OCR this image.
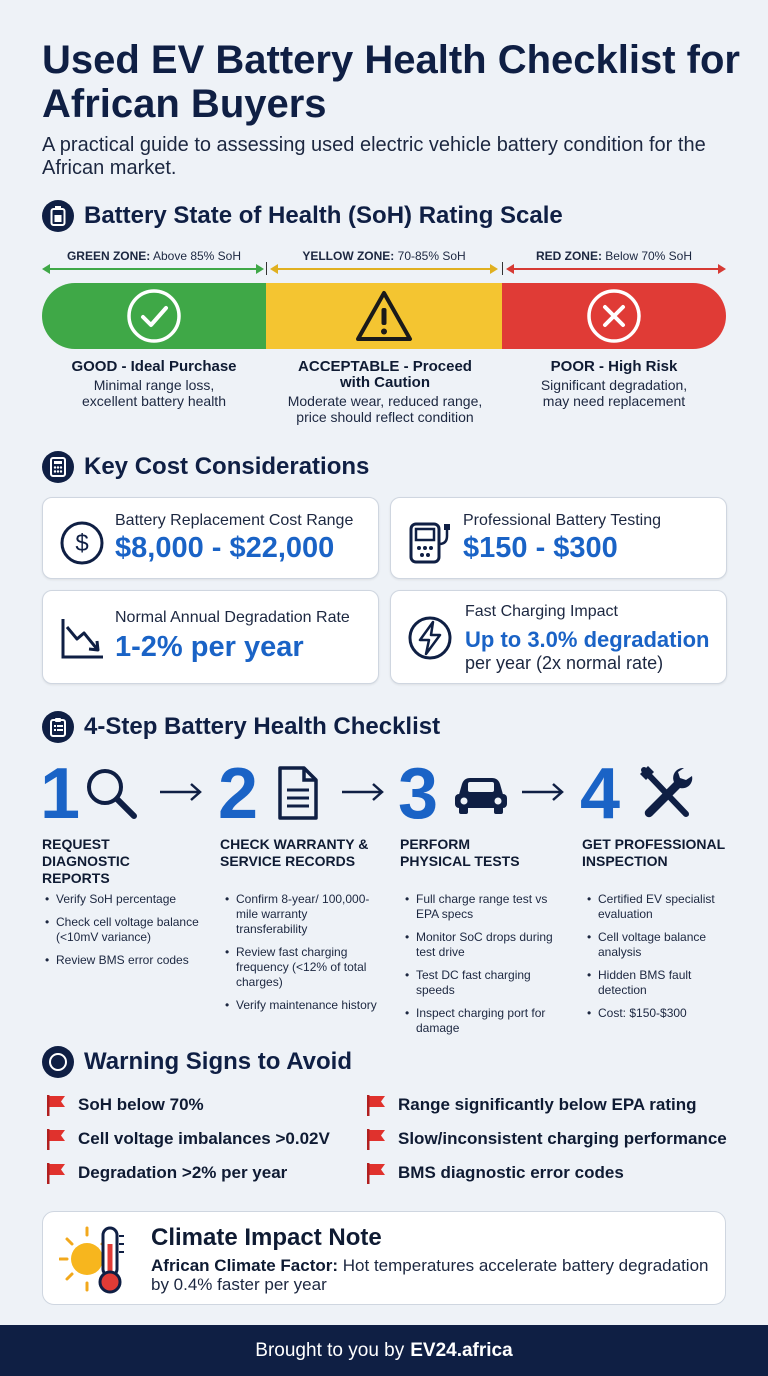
Used EV Battery Health Checklist for African Buyers

A practical guide to assessing used electric vehicle battery condition for the African market.

Battery State of Health (SoH) Rating Scale
GREEN ZONE: Above 85% SoH	YELLOW ZONE: 70-85% SoH	RED ZONE: Below 70% SoH
GOOD - Ideal Purchase
Minimal range loss, excellent battery health
ACCEPTABLE - Proceed with Caution
Moderate wear, reduced range, price should reflect condition
POOR - High Risk
Significant degradation, may need replacement
Key Cost Considerations
$
Battery Replacement Cost Range
$8,000 - $22,000
Professional Battery Testing
$150 - $300
Normal Annual Degradation Rate
1-2% per year
Fast Charging Impact
Up to 3.0% degradation
per year (2x normal rate)
4-Step Battery Health Checklist
1
REQUEST DIAGNOSTIC REPORTS
• Verify SoH percentage
• Check cell voltage balance (<10mV variance)
• Review BMS error codes
2
CHECK WARRANTY & SERVICE RECORDS
• Confirm 8-year/ 100,000-mile warranty transferability
• Review fast charging frequency (<12% of total charges)
• Verify maintenance history
3
PERFORM PHYSICAL TESTS
• Full charge range test vs EPA specs
• Monitor SoC drops during test drive
• Test DC fast charging speeds
• Inspect charging port for damage
4
GET PROFESSIONAL INSPECTION
• Certified EV specialist evaluation
• Cell voltage balance analysis
• Hidden BMS fault detection
• Cost: $150-$300
Warning Signs to Avoid
SoH below 70%
Cell voltage imbalances >0.02V
Degradation >2% per year
Range significantly below EPA rating
Slow/inconsistent charging performance
BMS diagnostic error codes
Climate Impact Note
African Climate Factor: Hot temperatures accelerate battery degradation by 0.4% faster per year
Brought to you by EV24.africa
